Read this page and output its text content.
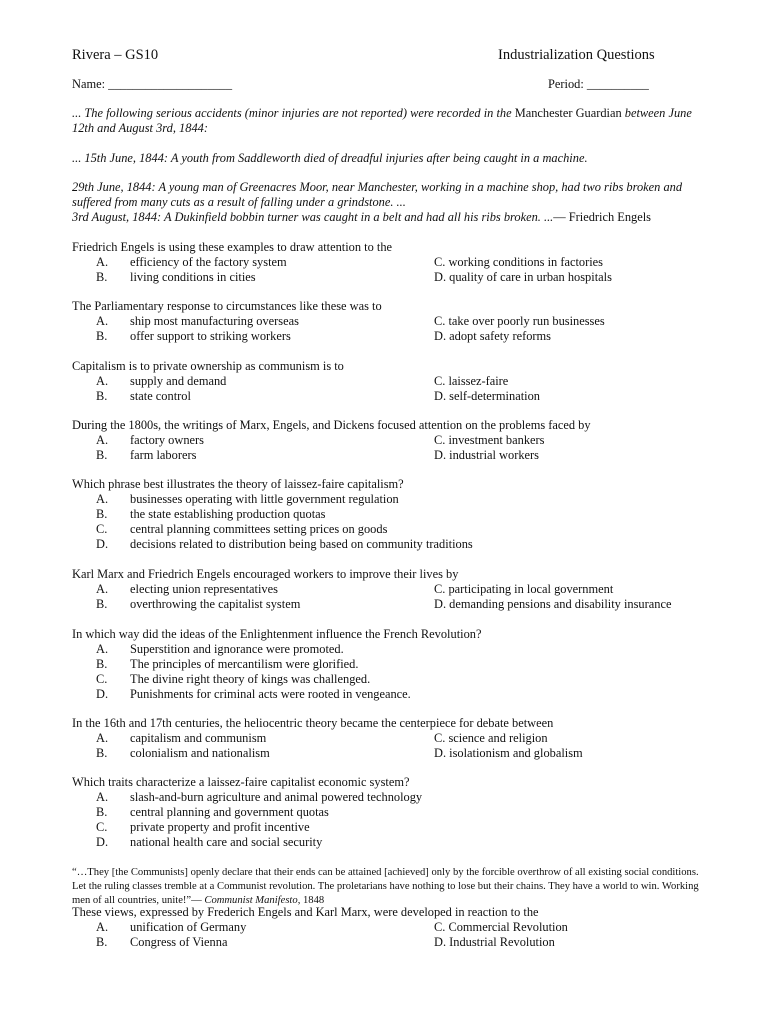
Rivera – GS10	Industrialization Questions
Name: ____________________	Period: __________
... The following serious accidents (minor injuries are not reported) were recorded in the Manchester Guardian between June 12th and August 3rd, 1844:
... 15th June, 1844: A youth from Saddleworth died of dreadful injuries after being caught in a machine.
29th June, 1844: A young man of Greenacres Moor, near Manchester, working in a machine shop, had two ribs broken and suffered from many cuts as a result of falling under a grindstone. ...
3rd August, 1844: A Dukinfield bobbin turner was caught in a belt and had all his ribs broken. ...— Friedrich Engels
Friedrich Engels is using these examples to draw attention to the
A.	efficiency of the factory system	C. working conditions in factories
B.	living conditions in cities	D. quality of care in urban hospitals
The Parliamentary response to circumstances like these was to
A.	ship most manufacturing overseas	C. take over poorly run businesses
B.	offer support to striking workers	D. adopt safety reforms
Capitalism is to private ownership as communism is to
A.	supply and demand	C. laissez-faire
B.	state control	D. self-determination
During the 1800s, the writings of Marx, Engels, and Dickens focused attention on the problems faced by
A.	factory owners	C. investment bankers
B.	farm laborers	D. industrial workers
Which phrase best illustrates the theory of laissez-faire capitalism?
A.	businesses operating with little government regulation
B.	the state establishing production quotas
C.	central planning committees setting prices on goods
D.	decisions related to distribution being based on community traditions
Karl Marx and Friedrich Engels encouraged workers to improve their lives by
A.	electing union representatives	C. participating in local government
B.	overthrowing the capitalist system	D. demanding pensions and disability insurance
In which way did the ideas of the Enlightenment influence the French Revolution?
A.	Superstition and ignorance were promoted.
B.	The principles of mercantilism were glorified.
C.	The divine right theory of kings was challenged.
D.	Punishments for criminal acts were rooted in vengeance.
In the 16th and 17th centuries, the heliocentric theory became the centerpiece for debate between
A.	capitalism and communism	C. science and religion
B.	colonialism and nationalism	D. isolationism and globalism
Which traits characterize a laissez-faire capitalist economic system?
A.	slash-and-burn agriculture and animal powered technology
B.	central planning and government quotas
C.	private property and profit incentive
D.	national health care and social security
“…They [the Communists] openly declare that their ends can be attained [achieved] only by the forcible overthrow of all existing social conditions. Let the ruling classes tremble at a Communist revolution. The proletarians have nothing to lose but their chains. They have a world to win. Working men of all countries, unite!”— Communist Manifesto, 1848
These views, expressed by Frederich Engels and Karl Marx, were developed in reaction to the
A.	unification of Germany	C. Commercial Revolution
B.	Congress of Vienna	D. Industrial Revolution
